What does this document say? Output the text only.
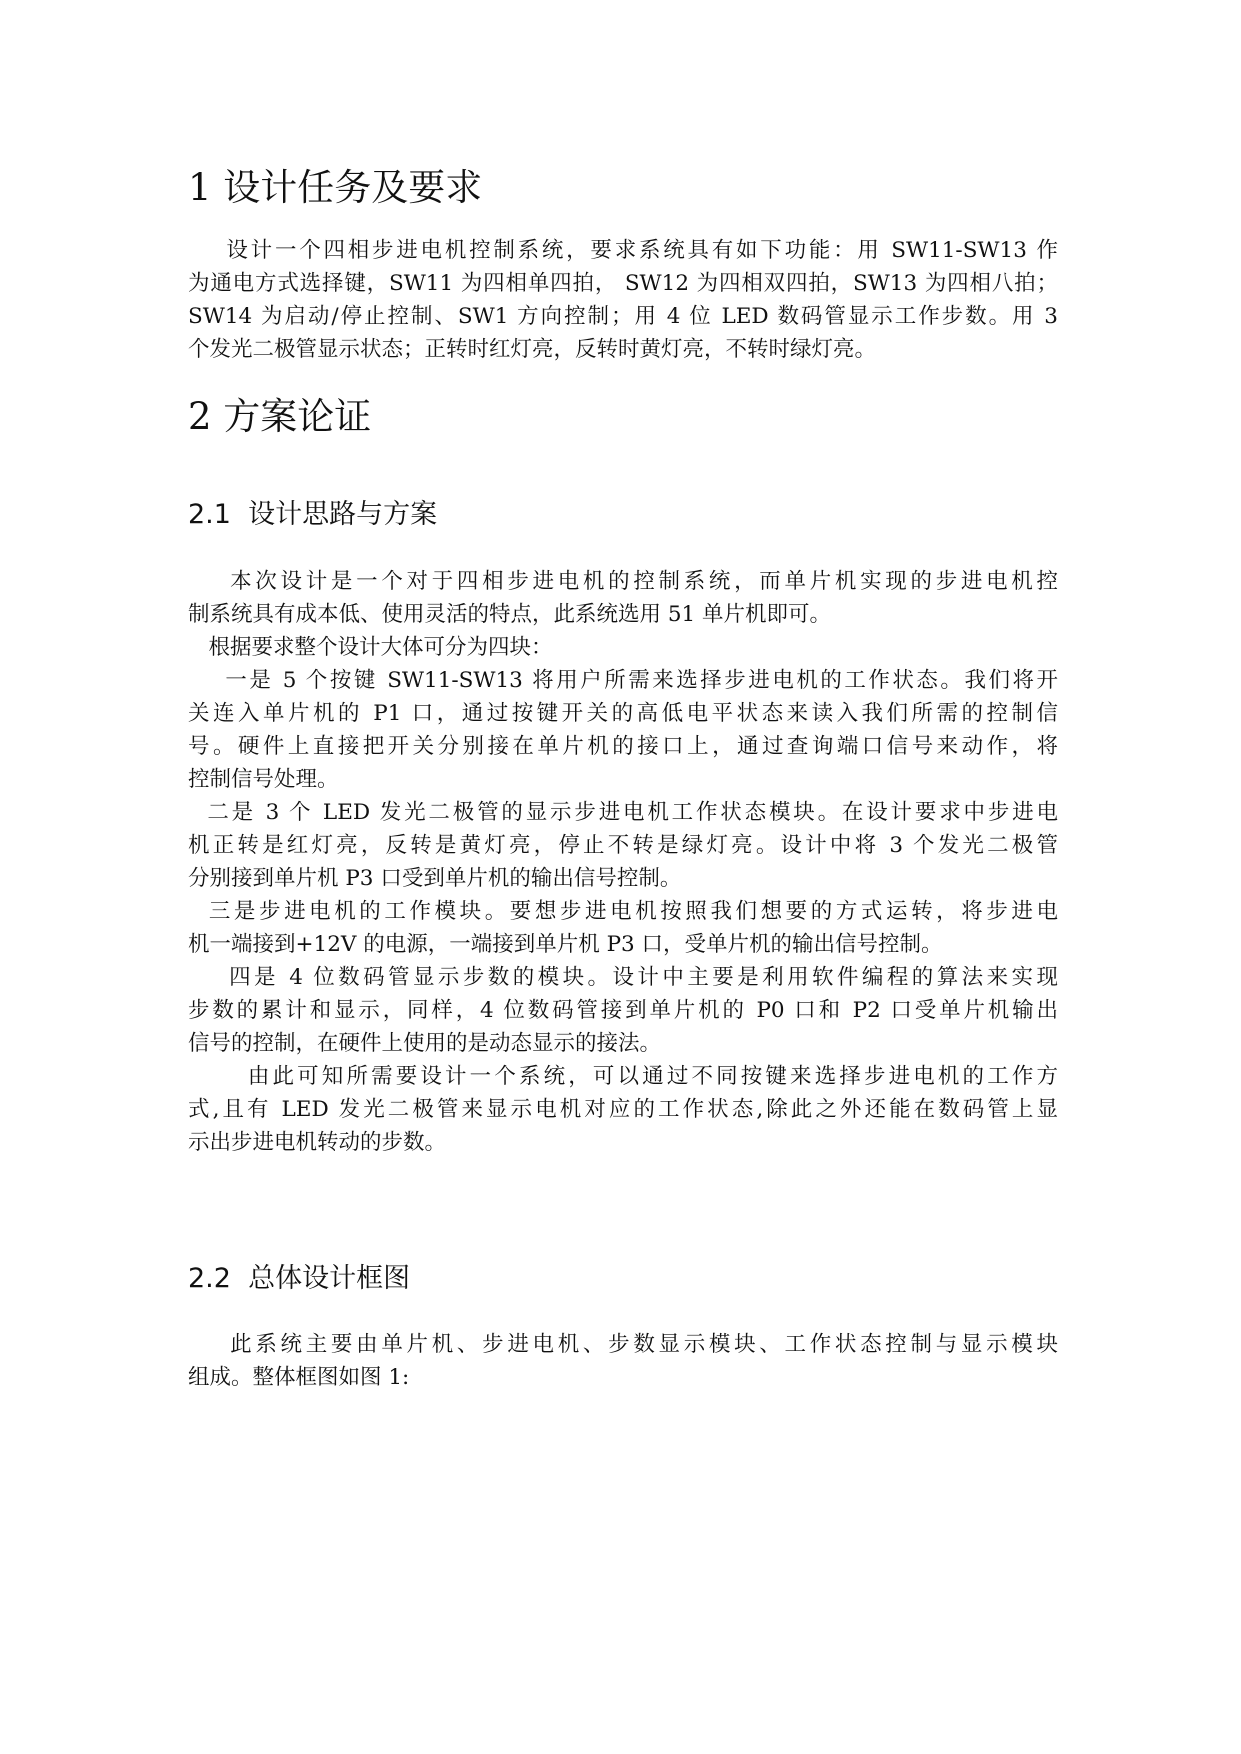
1 设计任务及要求
设计一个四相步进电机控制系统，要求系统具有如下功能：用 SW11-SW13 作
为通电方式选择键，SW11 为四相单四拍， SW12 为四相双四拍，SW13 为四相八拍；
SW14 为启动/停止控制、SW1 方向控制；用 4 位 LED 数码管显示工作步数。用 3
个发光二极管显示状态；正转时红灯亮，反转时黄灯亮，不转时绿灯亮。
2 方案论证
2.1  设计思路与方案
本次设计是一个对于四相步进电机的控制系统，而单片机实现的步进电机控
制系统具有成本低、使用灵活的特点，此系统选用 51 单片机即可。
根据要求整个设计大体可分为四块：
一是 5 个按键 SW11-SW13 将用户所需来选择步进电机的工作状态。我们将开
关连入单片机的 P1 口，通过按键开关的高低电平状态来读入我们所需的控制信
号。硬件上直接把开关分别接在单片机的接口上，通过查询端口信号来动作，将
控制信号处理。
二是 3 个 LED 发光二极管的显示步进电机工作状态模块。在设计要求中步进电
机正转是红灯亮，反转是黄灯亮，停止不转是绿灯亮。设计中将 3 个发光二极管
分别接到单片机 P3 口受到单片机的输出信号控制。
三是步进电机的工作模块。要想步进电机按照我们想要的方式运转，将步进电
机一端接到+12V 的电源，一端接到单片机 P3 口，受单片机的输出信号控制。
四是 4 位数码管显示步数的模块。设计中主要是利用软件编程的算法来实现
步数的累计和显示，同样，4 位数码管接到单片机的 P0 口和 P2 口受单片机输出
信号的控制，在硬件上使用的是动态显示的接法。
由此可知所需要设计一个系统，可以通过不同按键来选择步进电机的工作方
式,且有 LED 发光二极管来显示电机对应的工作状态,除此之外还能在数码管上显
示出步进电机转动的步数。
2.2  总体设计框图
此系统主要由单片机、步进电机、步数显示模块、工作状态控制与显示模块
组成。整体框图如图 1:
